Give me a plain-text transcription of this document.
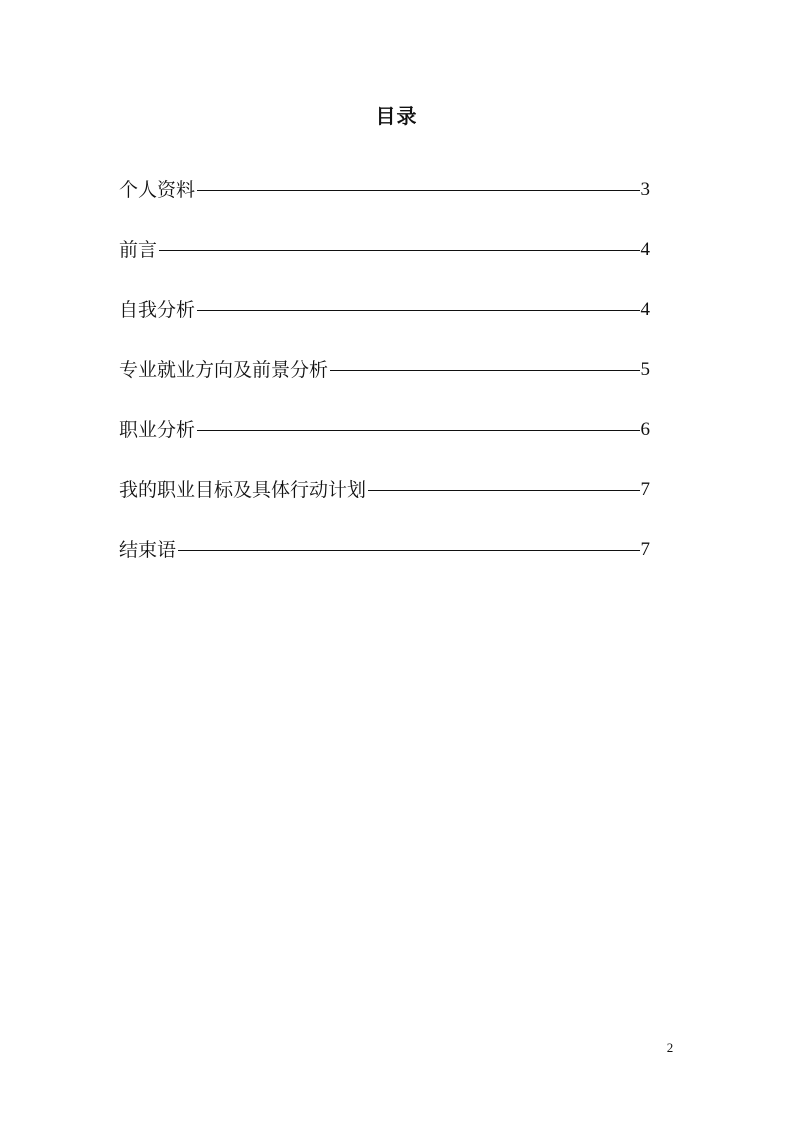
目录
个人资料	3
前言	4
自我分析	4
专业就业方向及前景分析	5
职业分析	6
我的职业目标及具体行动计划	7
结束语	7
2
